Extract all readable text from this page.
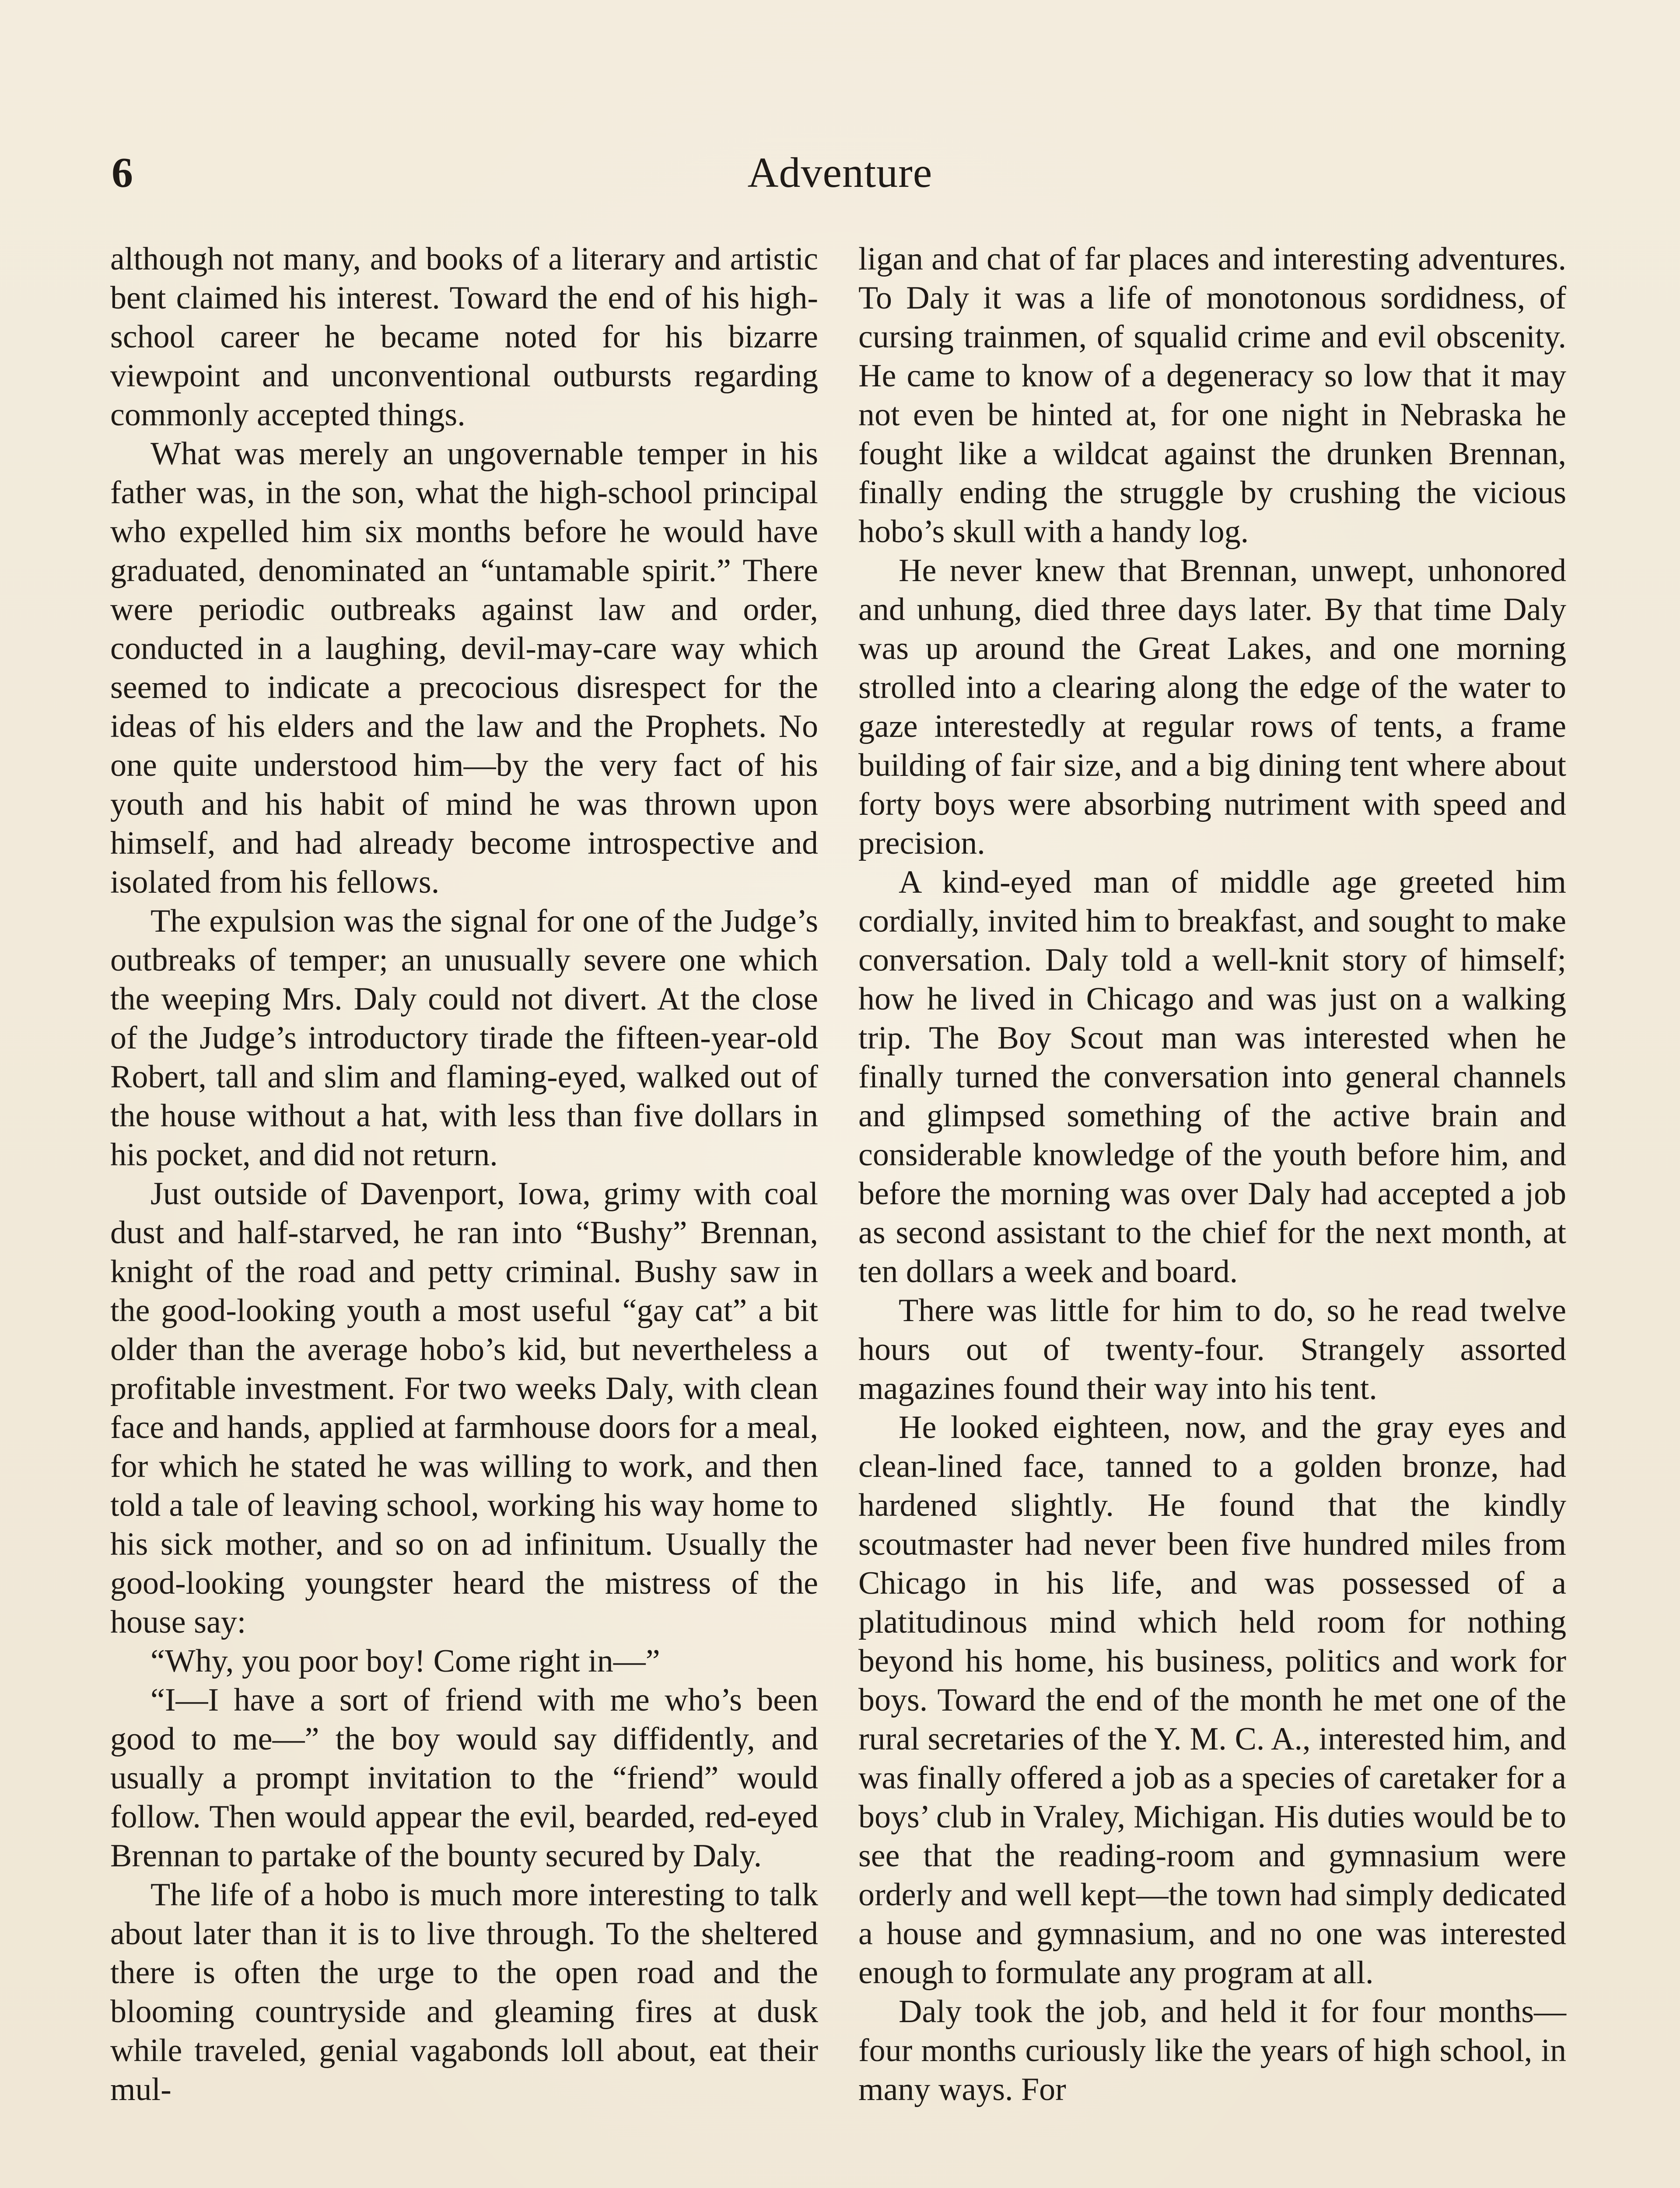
6	Adventure

although not many, and books of a literary and artistic bent claimed his interest. Toward the end of his high-school career he became noted for his bizarre viewpoint and unconventional outbursts regarding commonly accepted things.

What was merely an ungovernable temper in his father was, in the son, what the high-school principal who expelled him six months before he would have graduated, denominated an “untamable spirit.” There were periodic outbreaks against law and order, conducted in a laughing, devil-may-care way which seemed to indicate a precocious disrespect for the ideas of his elders and the law and the Prophets. No one quite understood him—by the very fact of his youth and his habit of mind he was thrown upon himself, and had already become introspective and isolated from his fellows.

The expulsion was the signal for one of the Judge’s outbreaks of temper; an unusually severe one which the weeping Mrs. Daly could not divert. At the close of the Judge’s introductory tirade the fifteen-year-old Robert, tall and slim and flaming-eyed, walked out of the house without a hat, with less than five dollars in his pocket, and did not return.

Just outside of Davenport, Iowa, grimy with coal dust and half-starved, he ran into “Bushy” Brennan, knight of the road and petty criminal. Bushy saw in the good-looking youth a most useful “gay cat” a bit older than the average hobo’s kid, but nevertheless a profitable investment. For two weeks Daly, with clean face and hands, applied at farmhouse doors for a meal, for which he stated he was willing to work, and then told a tale of leaving school, working his way home to his sick mother, and so on ad infinitum. Usually the good-looking youngster heard the mistress of the house say:

“Why, you poor boy! Come right in—”

“I—I have a sort of friend with me who’s been good to me—” the boy would say diffidently, and usually a prompt invitation to the “friend” would follow. Then would appear the evil, bearded, red-eyed Brennan to partake of the bounty secured by Daly.

The life of a hobo is much more interesting to talk about later than it is to live through. To the sheltered there is often the urge to the open road and the blooming countryside and gleaming fires at dusk while traveled, genial vagabonds loll about, eat their mul-

ligan and chat of far places and interesting adventures. To Daly it was a life of monotonous sordidness, of cursing trainmen, of squalid crime and evil obscenity. He came to know of a degeneracy so low that it may not even be hinted at, for one night in Nebraska he fought like a wildcat against the drunken Brennan, finally ending the struggle by crushing the vicious hobo’s skull with a handy log.

He never knew that Brennan, unwept, unhonored and unhung, died three days later. By that time Daly was up around the Great Lakes, and one morning strolled into a clearing along the edge of the water to gaze interestedly at regular rows of tents, a frame building of fair size, and a big dining tent where about forty boys were absorbing nutriment with speed and precision.

A kind-eyed man of middle age greeted him cordially, invited him to breakfast, and sought to make conversation. Daly told a well-knit story of himself; how he lived in Chicago and was just on a walking trip. The Boy Scout man was interested when he finally turned the conversation into general channels and glimpsed something of the active brain and considerable knowledge of the youth before him, and before the morning was over Daly had accepted a job as second assistant to the chief for the next month, at ten dollars a week and board.

There was little for him to do, so he read twelve hours out of twenty-four. Strangely assorted magazines found their way into his tent.

He looked eighteen, now, and the gray eyes and clean-lined face, tanned to a golden bronze, had hardened slightly. He found that the kindly scoutmaster had never been five hundred miles from Chicago in his life, and was possessed of a platitudinous mind which held room for nothing beyond his home, his business, politics and work for boys. Toward the end of the month he met one of the rural secretaries of the Y. M. C. A., interested him, and was finally offered a job as a species of caretaker for a boys’ club in Vraley, Michigan. His duties would be to see that the reading-room and gymnasium were orderly and well kept—the town had simply dedicated a house and gymnasium, and no one was interested enough to formulate any program at all.

Daly took the job, and held it for four months—four months curiously like the years of high school, in many ways. For
